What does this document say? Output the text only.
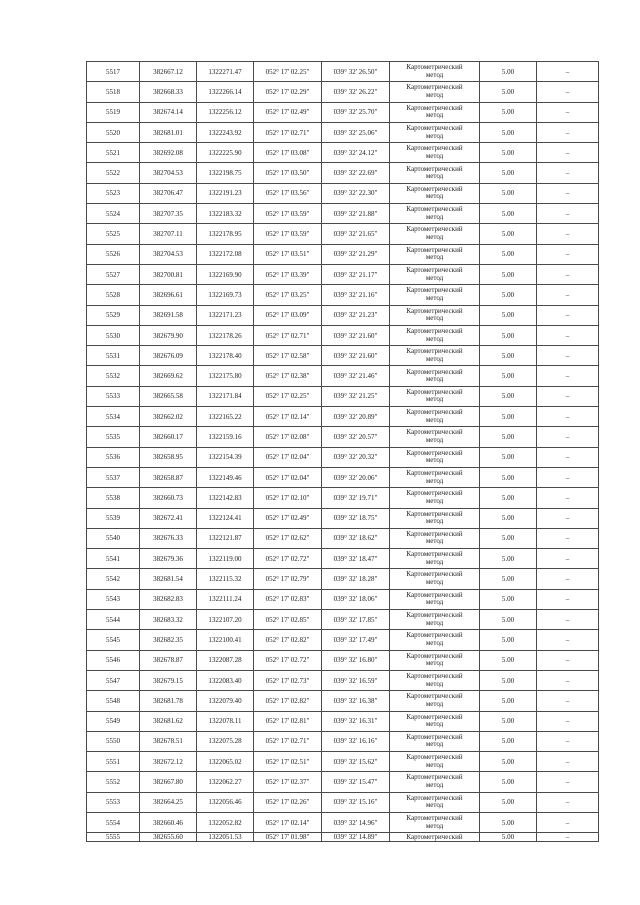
5517	382667.12	1322271.47	052° 17' 02.25"	039° 32' 26.50"	Картометрический
метод	5.00	–
5518	382668.33	1322266.14	052° 17' 02.29"	039° 32' 26.22"	Картометрический
метод	5.00	–
5519	382674.14	1322256.12	052° 17' 02.49"	039° 32' 25.70"	Картометрический
метод	5.00	–
5520	382681.01	1322243.92	052° 17' 02.71"	039° 32' 25.06"	Картометрический
метод	5.00	–
5521	382692.08	1322225.90	052° 17' 03.08"	039° 32' 24.12"	Картометрический
метод	5.00	–
5522	382704.53	1322198.75	052° 17' 03.50"	039° 32' 22.69"	Картометрический
метод	5.00	–
5523	382706.47	1322191.23	052° 17' 03.56"	039° 32' 22.30"	Картометрический
метод	5.00	–
5524	382707.35	1322183.32	052° 17' 03.59"	039° 32' 21.88"	Картометрический
метод	5.00	–
5525	382707.11	1322178.95	052° 17' 03.59"	039° 32' 21.65"	Картометрический
метод	5.00	–
5526	382704.53	1322172.08	052° 17' 03.51"	039° 32' 21.29"	Картометрический
метод	5.00	–
5527	382700.81	1322169.90	052° 17' 03.39"	039° 32' 21.17"	Картометрический
метод	5.00	–
5528	382696.61	1322169.73	052° 17' 03.25"	039° 32' 21.16"	Картометрический
метод	5.00	–
5529	382691.58	1322171.23	052° 17' 03.09"	039° 32' 21.23"	Картометрический
метод	5.00	–
5530	382679.90	1322178.26	052° 17' 02.71"	039° 32' 21.60"	Картометрический
метод	5.00	–
5531	382676.09	1322178.40	052° 17' 02.58"	039° 32' 21.60"	Картометрический
метод	5.00	–
5532	382669.62	1322175.80	052° 17' 02.38"	039° 32' 21.46"	Картометрический
метод	5.00	–
5533	382665.58	1322171.84	052° 17' 02.25"	039° 32' 21.25"	Картометрический
метод	5.00	–
5534	382662.02	1322165.22	052° 17' 02.14"	039° 32' 20.89"	Картометрический
метод	5.00	–
5535	382660.17	1322159.16	052° 17' 02.08"	039° 32' 20.57"	Картометрический
метод	5.00	–
5536	382658.95	1322154.39	052° 17' 02.04"	039° 32' 20.32"	Картометрический
метод	5.00	–
5537	382658.87	1322149.46	052° 17' 02.04"	039° 32' 20.06"	Картометрический
метод	5.00	–
5538	382660.73	1322142.83	052° 17' 02.10"	039° 32' 19.71"	Картометрический
метод	5.00	–
5539	382672.41	1322124.41	052° 17' 02.49"	039° 32' 18.75"	Картометрический
метод	5.00	–
5540	382676.33	1322121.87	052° 17' 02.62"	039° 32' 18.62"	Картометрический
метод	5.00	–
5541	382679.36	1322119.00	052° 17' 02.72"	039° 32' 18.47"	Картометрический
метод	5.00	–
5542	382681.54	1322115.32	052° 17' 02.79"	039° 32' 18.28"	Картометрический
метод	5.00	–
5543	382682.83	1322111.24	052° 17' 02.83"	039° 32' 18.06"	Картометрический
метод	5.00	–
5544	382683.32	1322107.20	052° 17' 02.85"	039° 32' 17.85"	Картометрический
метод	5.00	–
5545	382682.35	1322100.41	052° 17' 02.82"	039° 32' 17.49"	Картометрический
метод	5.00	–
5546	382678.87	1322087.28	052° 17' 02.72"	039° 32' 16.80"	Картометрический
метод	5.00	–
5547	382679.15	1322083.40	052° 17' 02.73"	039° 32' 16.59"	Картометрический
метод	5.00	–
5548	382681.78	1322079.40	052° 17' 02.82"	039° 32' 16.38"	Картометрический
метод	5.00	–
5549	382681.62	1322078.11	052° 17' 02.81"	039° 32' 16.31"	Картометрический
метод	5.00	–
5550	382678.51	1322075.28	052° 17' 02.71"	039° 32' 16.16"	Картометрический
метод	5.00	–
5551	382672.12	1322065.02	052° 17' 02.51"	039° 32' 15.62"	Картометрический
метод	5.00	–
5552	382667.80	1322062.27	052° 17' 02.37"	039° 32' 15.47"	Картометрический
метод	5.00	–
5553	382664.25	1322056.46	052° 17' 02.26"	039° 32' 15.16"	Картометрический
метод	5.00	–
5554	382660.46	1322052.82	052° 17' 02.14"	039° 32' 14.96"	Картометрический
метод	5.00	–
5555	382655.60	1322051.53	052° 17' 01.98"	039° 32' 14.89"	Картометрический	5.00	–
